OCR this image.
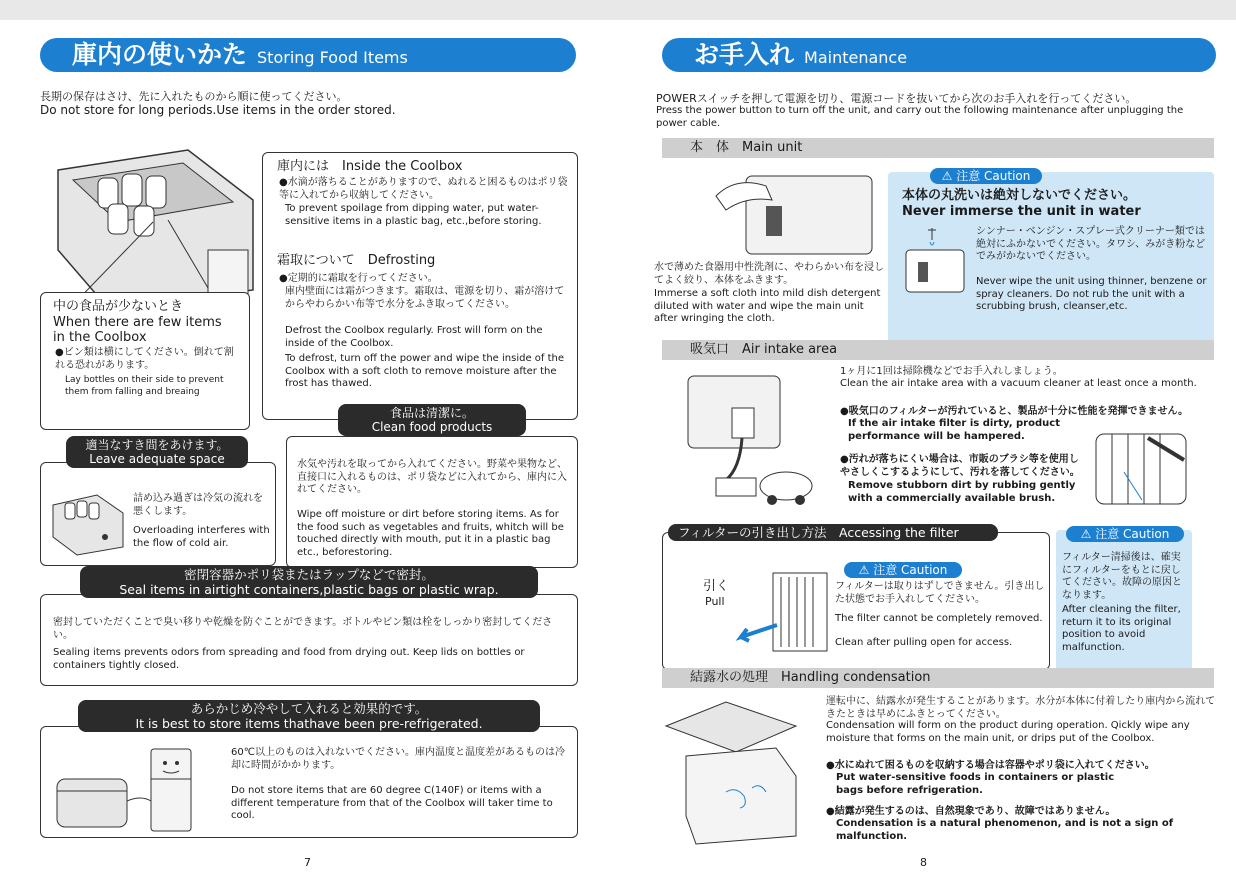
庫内の使いかた Storing Food Items
長期の保存はさけ、先に入れたものから順に使ってください。
Do not store for long periods.Use items in the order stored.
庫内には　Inside the Coolbox
●水滴が落ちることがありますので、ぬれると困るものはポリ袋等に入れてから収納してください。
To prevent spoilage from dipping water, put water-sensitive items in a plastic bag, etc.,before storing.
霜取について　Defrosting
●定期的に霜取を行ってください。
庫内壁面には霜がつきます。霜取は、電源を切り、霜が溶けてからやわらかい布等で水分をふき取ってください。
Defrost the Coolbox regularly. Frost will form on the inside of the Coolbox.
To defrost, turn off the power and wipe the inside of the Coolbox with a soft cloth to remove moisture after the frost has thawed.
中の食品が少ないとき
When there are few items
in the Coolbox
●ビン類は横にしてください。倒れて割れる恐れがあります。
Lay bottles on their side to prevent them from falling and breaing
詰め込み過ぎは冷気の流れを悪くします。
Overloading interferes with the flow of cold air.
適当なすき間をあけます。
Leave adequate space	水気や汚れを取ってから入れてください。野菜や果物など、直接口に入れるものは、ポリ袋などに入れてから、庫内に入れてください。
Wipe off moisture or dirt before storing items. As for the food such as vegetables and fruits, whitch will be touched directly with mouth, put it in a plastic bag etc., beforestoring.
食品は清潔に。
Clean food products
密封していただくことで臭い移りや乾燥を防ぐことができます。ボトルやビン類は栓をしっかり密封してください。
Sealing items prevents odors from spreading and food from drying out. Keep lids on bottles or containers tightly closed.
密閉容器かポリ袋またはラップなどで密封。
Seal items in airtight containers,plastic bags or plastic wrap.
60℃以上のものは入れないでください。庫内温度と温度差があるものは冷却に時間がかかります。
Do not store items that are 60 degree C(140F) or items with a different temperature from that of the Coolbox will taker time to cool.
あらかじめ冷やして入れると効果的です。
It is best to store items thathave been pre-refrigerated.
7
お手入れ Maintenance
POWERスイッチを押して電源を切り、電源コードを抜いてから次のお手入れを行ってください。
Press the power button to turn off the unit, and carry out the following maintenance after unplugging the power cable.
本　体　Main unit
水で薄めた食器用中性洗剤に、やわらかい布を浸してよく絞り、本体をふきます。
Immerse a soft cloth into mild dish detergent diluted with water and wipe the main unit after wringing the cloth.
本体の丸洗いは絶対しないでください。
Never immerse the unit in water
シンナー・ベンジン・スプレー式クリーナー類では絶対にふかないでください。タワシ、みがき粉などでみがかないでください。
Never wipe the unit using thinner, benzene or spray cleaners. Do not rub the unit with a scrubbing brush, cleanser,etc.
⚠ 注意 Caution
吸気口　Air intake area
1ヶ月に1回は掃除機などでお手入れしましょう。
Clean the air intake area with a vacuum cleaner at least once a month.
●吸気口のフィルターが汚れていると、製品が十分に性能を発揮できません。
If the air intake filter is dirty, product performance will be hampered.
●汚れが落ちにくい場合は、市販のブラシ等を使用しやさしくこするようにして、汚れを落してください。
Remove stubborn dirt by rubbing gently with a commercially available brush.
引く
Pull
フィルターは取りはずしできません。引き出した状態でお手入れしてください。
The filter cannot be completely removed.
Clean after pulling open for access.
フィルターの引き出し方法　Accessing the filter
⚠ 注意 Caution
フィルター清掃後は、確実にフィルターをもとに戻してください。故障の原因となります。
After cleaning the filter, return it to its original position to avoid malfunction.
⚠ 注意 Caution
結露水の処理　Handling condensation
運転中に、結露水が発生することがあります。水分が本体に付着したり庫内から流れてきたときは早めにふきとってください。
Condensation will form on the product during operation. Qickly wipe any moisture that forms on the main unit, or drips put of the Coolbox.
●水にぬれて困るものを収納する場合は容器やポリ袋に入れてください。
Put water-sensitive foods in containers or plastic bags before refrigeration.
●結露が発生するのは、自然現象であり、故障ではありません。
Condensation is a natural phenomenon, and is not a sign of malfunction.
8
